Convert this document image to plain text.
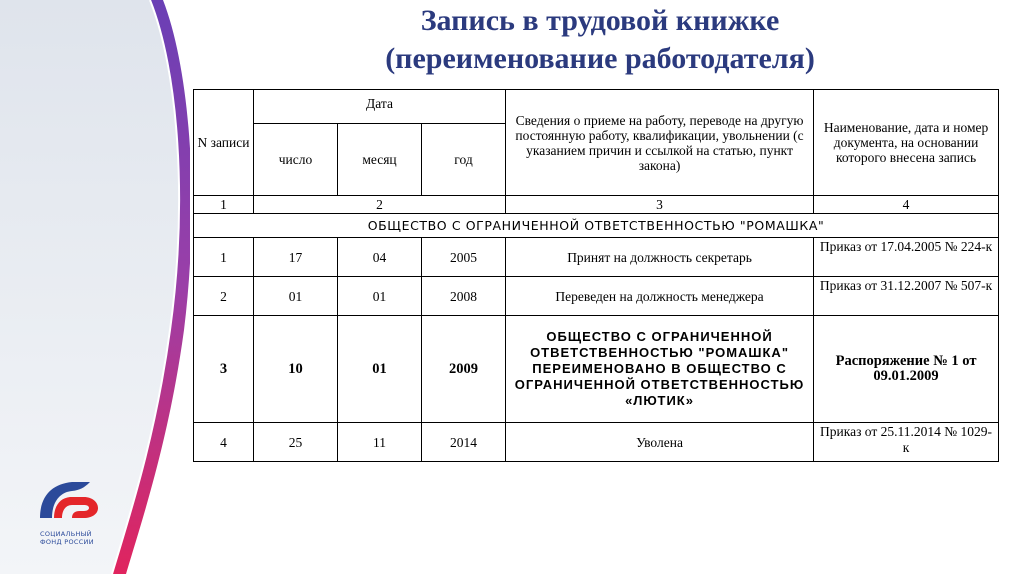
СОЦИАЛЬНЫЙ
ФОНД РОССИИ
Запись в трудовой книжке
(переименование работодателя)
N записи	Дата			Сведения о приеме на работу, переводе на другую постоянную работу, квалификации, увольнении (с указанием причин и ссылкой на статью, пункт закона)	Наименование, дата и номер документа, на основании которого внесена запись
	число	месяц	год		
1	2			3	4
ОБЩЕСТВО С ОГРАНИЧЕННОЙ ОТВЕТСТВЕННОСТЬЮ "РОМАШКА"					
1	17	04	2005	Принят на должность секретарь	Приказ от 17.04.2005 № 224-к
2	01	01	2008	Переведен на должность менеджера	Приказ от 31.12.2007 № 507-к
3	10	01	2009	ОБЩЕСТВО С ОГРАНИЧЕННОЙ ОТВЕТСТВЕННОСТЬЮ "РОМАШКА" ПЕРЕИМЕНОВАНО В ОБЩЕСТВО С ОГРАНИЧЕННОЙ ОТВЕТСТВЕННОСТЬЮ «ЛЮТИК»	Распоряжение № 1 от 09.01.2009
4	25	11	2014	Уволена	Приказ от 25.11.2014 № 1029-к
